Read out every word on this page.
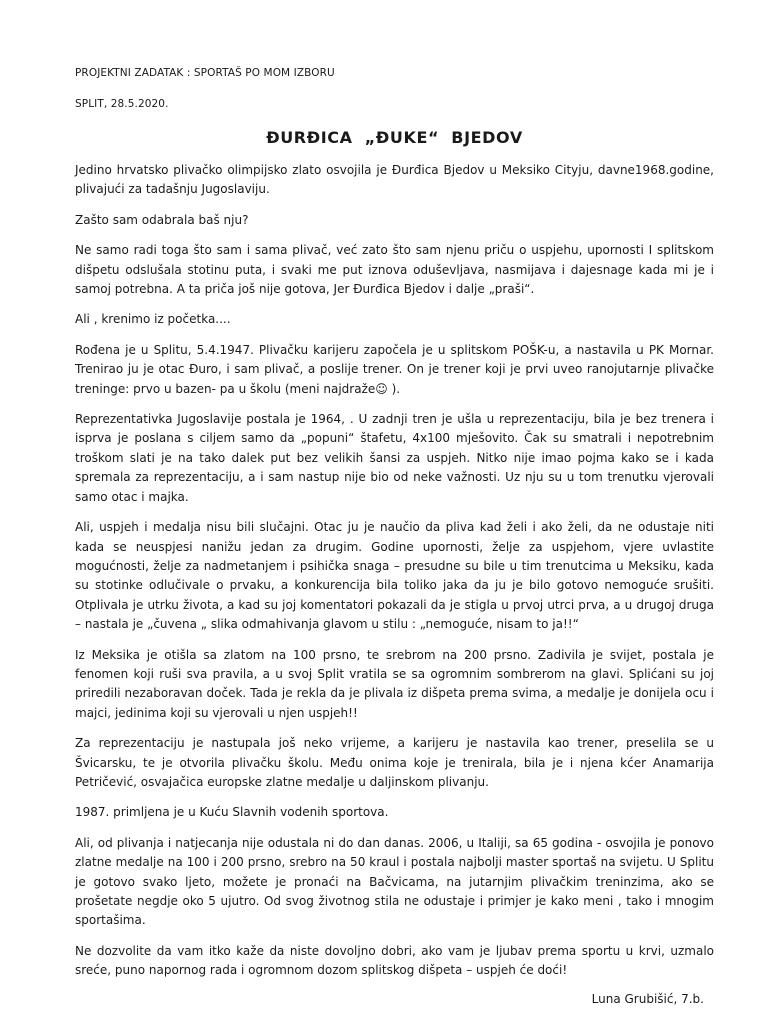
PROJEKTNI ZADATAK : SPORTAŠ PO MOM IZBORU
SPLIT, 28.5.2020.
ĐURĐICA „ĐUKE“ BJEDOV

Jedino hrvatsko plivačko olimpijsko zlato osvojila je Đurđica Bjedov u Meksiko Cityju, davne1968.godine, plivajući za tadašnju Jugoslaviju.

Zašto sam odabrala baš nju?

Ne samo radi toga što sam i sama plivač, već zato što sam njenu priču o uspjehu, upornosti I splitskom dišpetu odslušala stotinu puta, i svaki me put iznova oduševljava, nasmijava i dajesnage kada mi je i samoj potrebna. A ta priča još nije gotova, Jer Đurđica Bjedov i dalje „praši“.

Ali , krenimo iz početka....

Rođena je u Splitu, 5.4.1947. Plivačku karijeru započela je u splitskom POŠK-u, a nastavila u PK Mornar. Trenirao ju je otac Đuro, i sam plivač, a poslije trener. On je trener koji je prvi uveo ranojutarnje plivačke treninge: prvo u bazen- pa u školu (meni najdraže☺ ).

Reprezentativka Jugoslavije postala je 1964, . U zadnji tren je ušla u reprezentaciju, bila je bez trenera i isprva je poslana s ciljem samo da „popuni“ štafetu, 4x100 mješovito. Čak su smatrali i nepotrebnim troškom slati je na tako dalek put bez velikih šansi za uspjeh. Nitko nije imao pojma kako se i kada spremala za reprezentaciju, a i sam nastup nije bio od neke važnosti. Uz nju su u tom trenutku vjerovali samo otac i majka.

Ali, uspjeh i medalja nisu bili slučajni. Otac ju je naučio da pliva kad želi i ako želi, da ne odustaje niti kada se neuspjesi nanižu jedan za drugim. Godine upornosti, želje za uspjehom, vjere uvlastite mogućnosti, želje za nadmetanjem i psihička snaga – presudne su bile u tim trenutcima u Meksiku, kada su stotinke odlučivale o prvaku, a konkurencija bila toliko jaka da ju je bilo gotovo nemoguće srušiti. Otplivala je utrku života, a kad su joj komentatori pokazali da je stigla u prvoj utrci prva, a u drugoj druga – nastala je „čuvena „ slika odmahivanja glavom u stilu : „nemoguće, nisam to ja!!“

Iz Meksika je otišla sa zlatom na 100 prsno, te srebrom na 200 prsno. Zadivila je svijet, postala je fenomen koji ruši sva pravila, a u svoj Split vratila se sa ogromnim sombrerom na glavi. Splićani su joj priredili nezaboravan doček. Tada je rekla da je plivala iz dišpeta prema svima, a medalje je donijela ocu i majci, jedinima koji su vjerovali u njen uspjeh!!

Za reprezentaciju je nastupala još neko vrijeme, a karijeru je nastavila kao trener, preselila se u Švicarsku, te je otvorila plivačku školu. Među onima koje je trenirala, bila je i njena kćer Anamarija Petričević, osvajačica europske zlatne medalje u daljinskom plivanju.

1987. primljena je u Kuću Slavnih vodenih sportova.

Ali, od plivanja i natjecanja nije odustala ni do dan danas. 2006, u Italiji, sa 65 godina - osvojila je ponovo zlatne medalje na 100 i 200 prsno, srebro na 50 kraul i postala najbolji master sportaš na svijetu. U Splitu je gotovo svako ljeto, možete je pronaći na Bačvicama, na jutarnjim plivačkim treninzima, ako se prošetate negdje oko 5 ujutro. Od svog životnog stila ne odustaje i primjer je kako meni , tako i mnogim sportašima.

Ne dozvolite da vam itko kaže da niste dovoljno dobri, ako vam je ljubav prema sportu u krvi, uzmalo sreće, puno napornog rada i ogromnom dozom splitskog dišpeta – uspjeh će doći!

Luna Grubišić, 7.b.
